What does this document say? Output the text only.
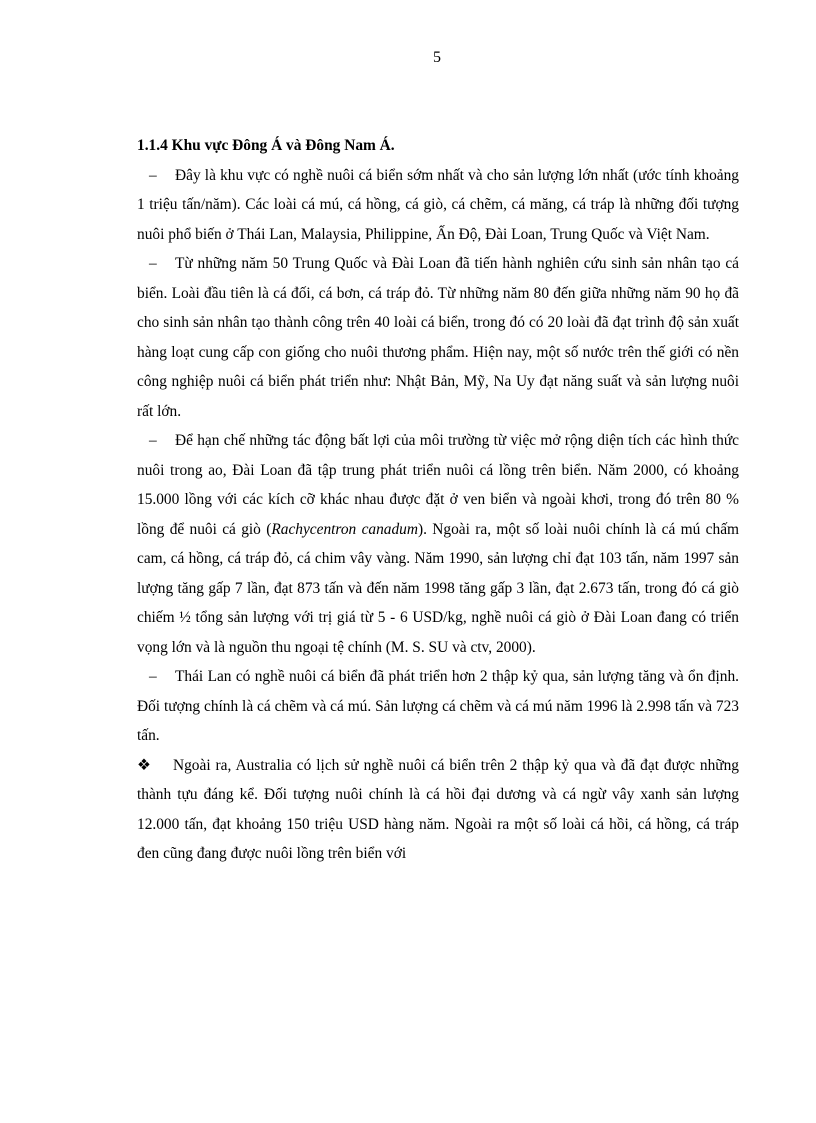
5

1.1.4 Khu vực Đông Á và Đông Nam Á.

– Đây là khu vực có nghề nuôi cá biển sớm nhất và cho sản lượng lớn nhất (ước tính khoảng 1 triệu tấn/năm). Các loài cá mú, cá hồng, cá giò, cá chẽm, cá măng, cá tráp là những đối tượng nuôi phổ biến ở Thái Lan, Malaysia, Philippine, Ấn Độ, Đài Loan, Trung Quốc và Việt Nam.

– Từ những năm 50 Trung Quốc và Đài Loan đã tiến hành nghiên cứu sinh sản nhân tạo cá biển. Loài đầu tiên là cá đối, cá bơn, cá tráp đỏ. Từ những năm 80 đến giữa những năm 90 họ đã cho sinh sản nhân tạo thành công trên 40 loài cá biển, trong đó có 20 loài đã đạt trình độ sản xuất hàng loạt cung cấp con giống cho nuôi thương phẩm. Hiện nay, một số nước trên thế giới có nền công nghiệp nuôi cá biển phát triển như: Nhật Bản, Mỹ, Na Uy đạt năng suất và sản lượng nuôi rất lớn.

– Để hạn chế những tác động bất lợi của môi trường từ việc mở rộng diện tích các hình thức nuôi trong ao, Đài Loan đã tập trung phát triển nuôi cá lồng trên biển. Năm 2000, có khoảng 15.000 lồng với các kích cỡ khác nhau được đặt ở ven biển và ngoài khơi, trong đó trên 80 % lồng để nuôi cá giò (Rachycentron canadum). Ngoài ra, một số loài nuôi chính là cá mú chấm cam, cá hồng, cá tráp đỏ, cá chim vây vàng. Năm 1990, sản lượng chỉ đạt 103 tấn, năm 1997 sản lượng tăng gấp 7 lần, đạt 873 tấn và đến năm 1998 tăng gấp 3 lần, đạt 2.673 tấn, trong đó cá giò chiếm ½ tổng sản lượng với trị giá từ 5 - 6 USD/kg, nghề nuôi cá giò ở Đài Loan đang có triển vọng lớn và là nguồn thu ngoại tệ chính (M. S. SU và ctv, 2000).

– Thái Lan có nghề nuôi cá biển đã phát triển hơn 2 thập kỷ qua, sản lượng tăng và ổn định. Đối tượng chính là cá chẽm và cá mú. Sản lượng cá chẽm và cá mú năm 1996 là 2.998 tấn và 723 tấn.

❖ Ngoài ra, Australia có lịch sử nghề nuôi cá biển trên 2 thập kỷ qua và đã đạt được những thành tựu đáng kể. Đối tượng nuôi chính là cá hồi đại dương và cá ngừ vây xanh sản lượng 12.000 tấn, đạt khoảng 150 triệu USD hàng năm. Ngoài ra một số loài cá hồi, cá hồng, cá tráp đen cũng đang được nuôi lồng trên biển với
